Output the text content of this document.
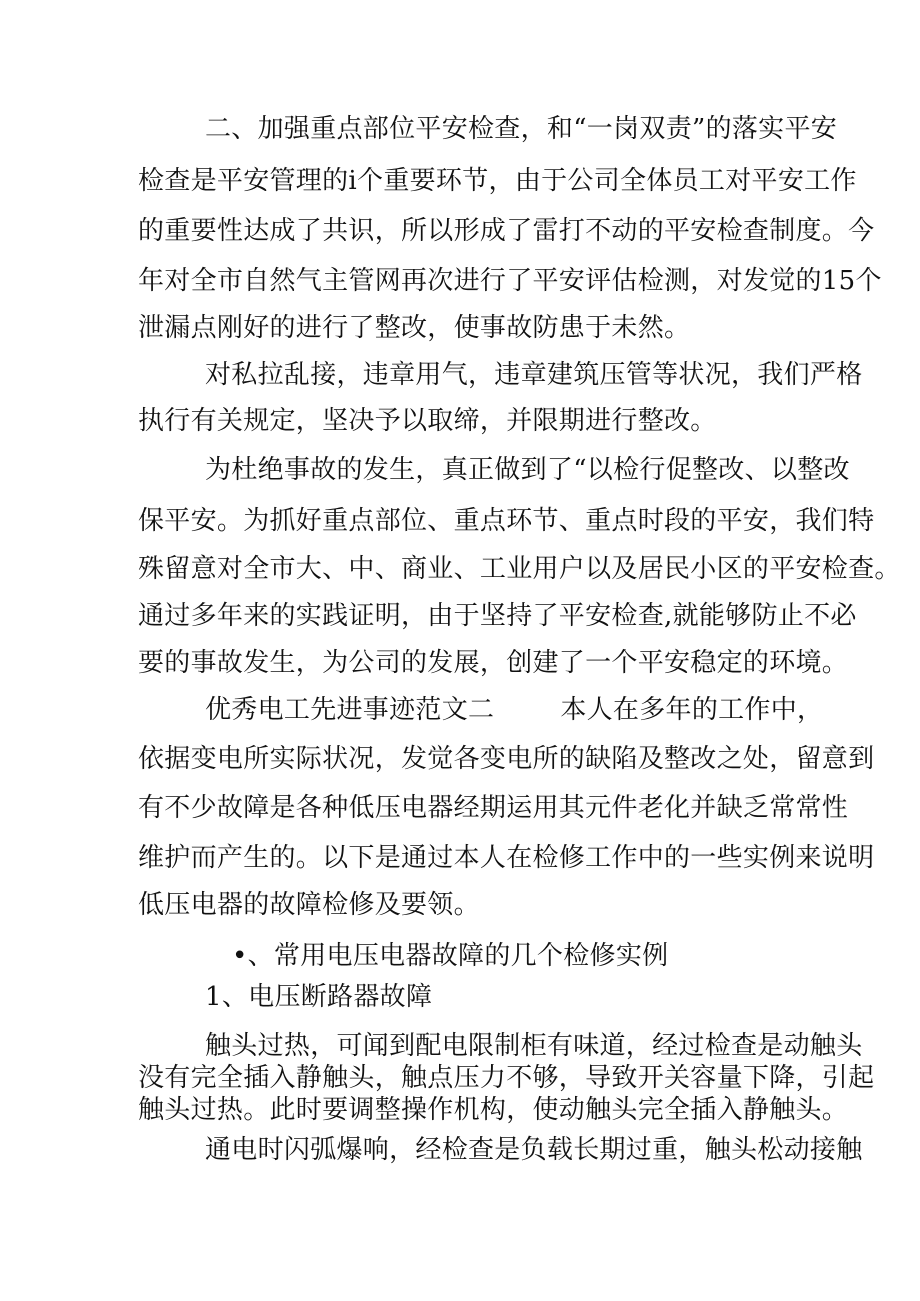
二、加强重点部位平安检查，和“一岗双责”的落实平安
检查是平安管理的i个重要环节，由于公司全体员工对平安工作
的重要性达成了共识，所以形成了雷打不动的平安检查制度。今
年对全市自然气主管网再次进行了平安评估检测，对发觉的15个
泄漏点刚好的进行了整改，使事故防患于未然。
对私拉乱接，违章用气，违章建筑压管等状况，我们严格
执行有关规定，坚决予以取缔，并限期进行整改。
为杜绝事故的发生，真正做到了“以检行促整改、以整改
保平安。为抓好重点部位、重点环节、重点时段的平安，我们特
殊留意对全市大、中、商业、工业用户以及居民小区的平安检查。
通过多年来的实践证明，由于坚持了平安检查,就能够防止不必
要的事故发生，为公司的发展，创建了一个平安稳定的环境。
优秀电工先进事迹范文二	本人在多年的工作中，
依据变电所实际状况，发觉各变电所的缺陷及整改之处，留意到
有不少故障是各种低压电器经期运用其元件老化并缺乏常常性
维护而产生的。以下是通过本人在检修工作中的一些实例来说明
低压电器的故障检修及要领。
•、常用电压电器故障的几个检修实例
1、电压断路器故障
触头过热，可闻到配电限制柜有味道，经过检查是动触头
没有完全插入静触头，触点压力不够，导致开关容量下降，引起
触头过热。此时要调整操作机构，使动触头完全插入静触头。
通电时闪弧爆响，经检查是负载长期过重，触头松动接触
